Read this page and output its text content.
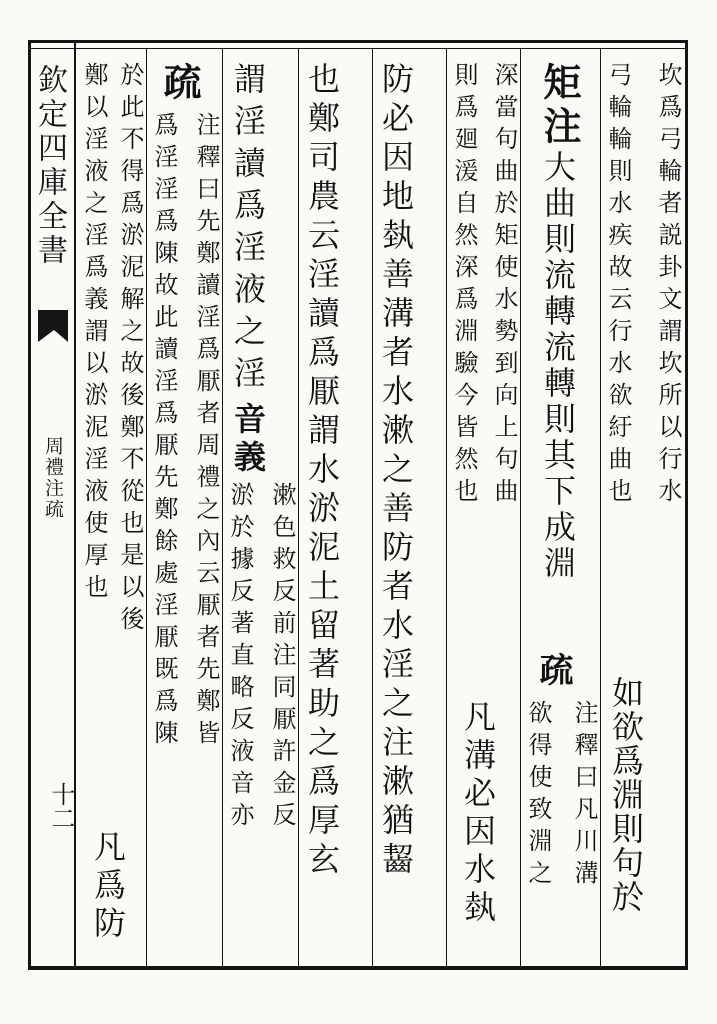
欽定四庫全書
周禮注疏
十二
坎爲弓輪者説卦文謂坎所以行水
弓輪輪則水疾故云行水欲紆曲也
如欲爲淵則句於
矩注
大曲則流轉流轉則其下成淵
注釋曰凡川溝
欲得使致淵之
疏
深當句曲於矩使水勢到向上句曲
則爲廻湲自然深爲淵驗今皆然也
凡溝必因水埶
防必因地埶善溝者水漱之善防者水淫之注漱猶齧
也鄭司農云淫讀爲厭謂水淤泥土留著助之爲厚玄
謂淫讀爲淫液之淫
音義
漱色救反前注同厭許金反
淤於據反著直略反液音亦
疏
注釋曰先鄭讀淫爲厭者周禮之內云厭者先鄭皆
爲淫淫爲陳故此讀淫爲厭先鄭餘處淫厭既爲陳
於此不得爲淤泥解之故後鄭不從也是以後
鄭以淫液之淫爲義謂以淤泥淫液使厚也
凡爲防
